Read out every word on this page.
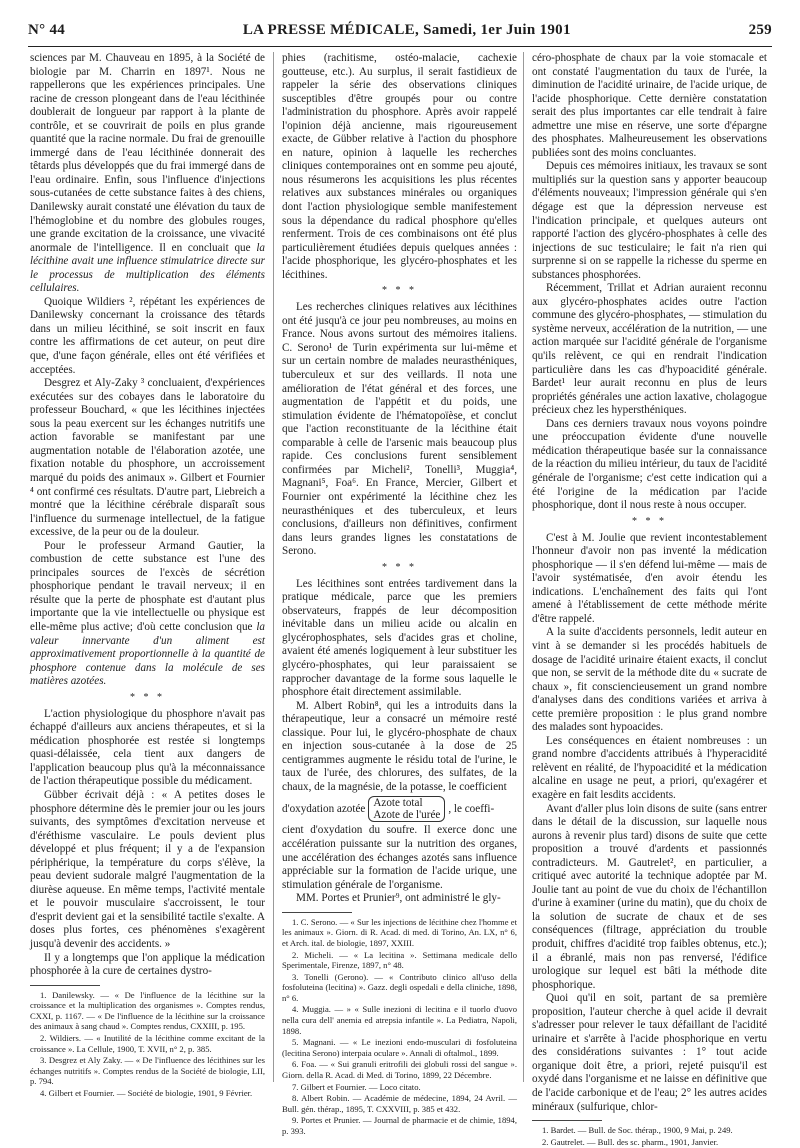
N° 44	LA PRESSE MÉDICALE, Samedi, 1er Juin 1901	259

sciences par M. Chauveau en 1895, à la Société de biologie par M. Charrin en 1897¹. Nous ne rappellerons que les expériences principales. Une racine de cresson plongeant dans de l'eau lécithinée doublerait de longueur par rapport à la plante de contrôle, et se couvrirait de poils en plus grande quantité que la racine normale. Du frai de grenouille immergé dans de l'eau lécithinée donnerait des têtards plus développés que du frai immergé dans de l'eau ordinaire. Enfin, sous l'influence d'injections sous-cutanées de cette substance faites à des chiens, Danilewsky aurait constaté une élévation du taux de l'hémoglobine et du nombre des globules rouges, une grande excitation de la croissance, une vivacité anormale de l'intelligence. Il en concluait que la lécithine avait une influence stimulatrice directe sur le processus de multiplication des éléments cellulaires.

Quoique Wildiers ², répétant les expériences de Danilewsky concernant la croissance des têtards dans un milieu lécithiné, se soit inscrit en faux contre les affirmations de cet auteur, on peut dire que, d'une façon générale, elles ont été vérifiées et acceptées.

Desgrez et Aly-Zaky ³ concluaient, d'expériences exécutées sur des cobayes dans le laboratoire du professeur Bouchard, « que les lécithines injectées sous la peau exercent sur les échanges nutritifs une action favorable se manifestant par une augmentation notable de l'élaboration azotée, une fixation notable du phosphore, un accroissement marqué du poids des animaux ». Gilbert et Fournier ⁴ ont confirmé ces résultats. D'autre part, Liebreich a montré que la lécithine cérébrale disparaît sous l'influence du surmenage intellectuel, de la fatigue excessive, de la peur ou de la douleur.

Pour le professeur Armand Gautier, la combustion de cette substance est l'une des principales sources de l'excès de sécrétion phosphorique pendant le travail nerveux; il en résulte que la perte de phosphate est d'autant plus importante que la vie intellectuelle ou physique est elle-même plus active; d'où cette conclusion que la valeur innervante d'un aliment est approximativement proportionnelle à la quantité de phosphore contenue dans la molécule de ses matières azotées.

* * *

L'action physiologique du phosphore n'avait pas échappé d'ailleurs aux anciens thérapeutes, et si la médication phosphorée est restée si longtemps quasi-délaissée, cela tient aux dangers de l'application beaucoup plus qu'à la méconnaissance de l'action thérapeutique possible du médicament.

Gübber écrivait déjà : « A petites doses le phosphore détermine dès le premier jour ou les jours suivants, des symptômes d'excitation nerveuse et d'éréthisme vasculaire. Le pouls devient plus développé et plus fréquent; il y a de l'expansion périphérique, la température du corps s'élève, la peau devient sudorale malgré l'augmentation de la diurèse aqueuse. En même temps, l'activité mentale et le pouvoir musculaire s'accroissent, le tour d'esprit devient gai et la sensibilité tactile s'exalte. A doses plus fortes, ces phénomènes s'exagèrent jusqu'à devenir des accidents. »

Il y a longtemps que l'on applique la médication phosphorée à la cure de certaines dystro-

1. Danilewsky. — « De l'influence de la lécithine sur la croissance et la multiplication des organismes ». Comptes rendus, CXXI, p. 1167. — « De l'influence de la lécithine sur la croissance des animaux à sang chaud ». Comptes rendus, CXXIII, p. 195.

2. Wildiers. — « Inutilité de la lécithine comme excitant de la croissance ». La Cellule, 1900, T. XVII, n° 2, p. 385.

3. Desgrez et Aly Zaky. — « De l'influence des lécithines sur les échanges nutritifs ». Comptes rendus de la Société de biologie, LII, p. 794.

4. Gilbert et Fournier. — Société de biologie, 1901, 9 Février.

phies (rachitisme, ostéo-malacie, cachexie goutteuse, etc.). Au surplus, il serait fastidieux de rappeler la série des observations cliniques susceptibles d'être groupés pour ou contre l'administration du phosphore. Après avoir rappelé l'opinion déjà ancienne, mais rigoureusement exacte, de Gübber relative à l'action du phosphore en nature, opinion à laquelle les recherches cliniques contemporaines ont en somme peu ajouté, nous résumerons les acquisitions les plus récentes relatives aux substances minérales ou organiques dont l'action physiologique semble manifestement sous la dépendance du radical phosphore qu'elles renferment. Trois de ces combinaisons ont été plus particulièrement étudiées depuis quelques années : l'acide phosphorique, les glycéro-phosphates et les lécithines.

* * *

Les recherches cliniques relatives aux lécithines ont été jusqu'à ce jour peu nombreuses, au moins en France. Nous avons surtout des mémoires italiens. C. Serono¹ de Turin expérimenta sur lui-même et sur un certain nombre de malades neurasthéniques, tuberculeux et sur des veillards. Il nota une amélioration de l'état général et des forces, une augmentation de l'appétit et du poids, une stimulation évidente de l'hématopoïèse, et conclut que l'action reconstituante de la lécithine était comparable à celle de l'arsenic mais beaucoup plus rapide. Ces conclusions furent sensiblement confirmées par Micheli², Tonelli³, Muggia⁴, Magnani⁵, Foa⁶. En France, Mercier, Gilbert et Fournier ont expérimenté la lécithine chez les neurasthéniques et des tuberculeux, et leurs conclusions, d'ailleurs non définitives, confirment dans leurs grandes lignes les constatations de Serono.

* * *

Les lécithines sont entrées tardivement dans la pratique médicale, parce que les premiers observateurs, frappés de leur décomposition inévitable dans un milieu acide ou alcalin en glycérophosphates, sels d'acides gras et choline, avaient été amenés logiquement à leur substituer les glycéro-phosphates, qui leur paraissaient se rapprocher davantage de la forme sous laquelle le phosphore était directement assimilable.

M. Albert Robin⁸, qui les a introduits dans la thérapeutique, leur a consacré un mémoire resté classique. Pour lui, le glycéro-phosphate de chaux en injection sous-cutanée à la dose de 25 centigrammes augmente le résidu total de l'urine, le taux de l'urée, des chlorures, des sulfates, de la chaux, de la magnésie, de la potasse, le coefficient

d'oxydation azotée Azote total
Azote de l'urée
, le coeffi-

cient d'oxydation du soufre. Il exerce donc une accélération puissante sur la nutrition des organes, une accélération des échanges azotés sans influence appréciable sur la formation de l'acide urique, une stimulation générale de l'organisme.

MM. Portes et Prunier⁹, ont administré le gly-

1. C. Serono. — « Sur les injections de lécithine chez l'homme et les animaux ». Giorn. di R. Acad. di med. di Torino, An. LX, n° 6, et Arch. ital. de biologie, 1897, XXIII.

2. Micheli. — « La lecitina ». Settimana medicale dello Sperimentale, Firenze, 1897, n° 48.

3. Tonelli (Gerono). — « Contributo clinico all'uso della fosfoluteina (lecitina) ». Gazz. degli ospedali e della cliniche, 1898, n° 6.

4. Muggia. — » « Sulle inezioni di lecitina e il tuorlo d'uovo nella cura dell' anemia ed atrepsia infantile ». La Pediatra, Napoli, 1898.

5. Magnani. — « Le inezioni endo-musculari di fosfoluteina (lecitina Serono) interpaia oculare ». Annali di oftalmol., 1899.

6. Foa. — « Sui granuli eritrofili dei globuli rossi del sangue ». Giorn. della R. Acad. di Med. di Torino, 1899, 22 Décembre.

7. Gilbert et Fournier. — Loco citato.

8. Albert Robin. — Académie de médecine, 1894, 24 Avril. — Bull. gén. thérap., 1895, T. CXXVIII, p. 385 et 432.

9. Portes et Prunier. — Journal de pharmacie et de chimie, 1894, p. 393.

céro-phosphate de chaux par la voie stomacale et ont constaté l'augmentation du taux de l'urée, la diminution de l'acidité urinaire, de l'acide urique, de l'acide phosphorique. Cette dernière constatation serait des plus importantes car elle tendrait à faire admettre une mise en réserve, une sorte d'épargne des phosphates. Malheureusement les observations publiées sont des moins concluantes.

Depuis ces mémoires initiaux, les travaux se sont multipliés sur la question sans y apporter beaucoup d'éléments nouveaux; l'impression générale qui s'en dégage est que la dépression nerveuse est l'indication principale, et quelques auteurs ont rapporté l'action des glycéro-phosphates à celle des injections de suc testiculaire; le fait n'a rien qui surprenne si on se rappelle la richesse du sperme en substances phosphorées.

Récemment, Trillat et Adrian auraient reconnu aux glycéro-phosphates acides outre l'action commune des glycéro-phosphates, — stimulation du système nerveux, accélération de la nutrition, — une action marquée sur l'acidité générale de l'organisme qu'ils relèvent, ce qui en rendrait l'indication particulière dans les cas d'hypoacidité générale. Bardet¹ leur aurait reconnu en plus de leurs propriétés générales une action laxative, cholagogue précieux chez les hypersthéniques.

Dans ces derniers travaux nous voyons poindre une préoccupation évidente d'une nouvelle médication thérapeutique basée sur la connaissance de la réaction du milieu intérieur, du taux de l'acidité générale de l'organisme; c'est cette indication qui a été l'origine de la médication par l'acide phosphorique, dont il nous reste à nous occuper.

* * *

C'est à M. Joulie que revient incontestablement l'honneur d'avoir non pas inventé la médication phosphorique — il s'en défend lui-même — mais de l'avoir systématisée, d'en avoir étendu les indications. L'enchaînement des faits qui l'ont amené à l'établissement de cette méthode mérite d'être rappelé.

A la suite d'accidents personnels, ledit auteur en vint à se demander si les procédés habituels de dosage de l'acidité urinaire étaient exacts, il conclut que non, se servit de la méthode dite du « sucrate de chaux », fit consciencieusement un grand nombre d'analyses dans des conditions variées et arriva à cette première proposition : le plus grand nombre des malades sont hypoacides.

Les conséquences en étaient nombreuses : un grand nombre d'accidents attribués à l'hyperacidité relèvent en réalité, de l'hypoacidité et la médication alcaline en usage ne peut, a priori, qu'exagérer et exagère en fait lesdits accidents.

Avant d'aller plus loin disons de suite (sans entrer dans le détail de la discussion, sur laquelle nous aurons à revenir plus tard) disons de suite que cette proposition a trouvé d'ardents et passionnés contradicteurs. M. Gautrelet², en particulier, a critiqué avec autorité la technique adoptée par M. Joulie tant au point de vue du choix de l'échantillon d'urine à examiner (urine du matin), que du choix de la solution de sucrate de chaux et de ses conséquences (filtrage, appréciation du trouble produit, chiffres d'acidité trop faibles obtenus, etc.); il a ébranlé, mais non pas renversé, l'édifice urologique sur lequel est bâti la méthode dite phosphorique.

Quoi qu'il en soit, partant de sa première proposition, l'auteur cherche à quel acide il devrait s'adresser pour relever le taux défaillant de l'acidité urinaire et s'arrête à l'acide phosphorique en vertu des considérations suivantes : 1° tout acide organique doit être, a priori, rejeté puisqu'il est oxydé dans l'organisme et ne laisse en définitive que de l'acide carbonique et de l'eau; 2° les autres acides minéraux (sulfurique, chlor-

1. Bardet. — Bull. de Soc. thérap., 1900, 9 Mai, p. 249.

2. Gautrelet. — Bull. des sc. pharm., 1901, Janvier.
